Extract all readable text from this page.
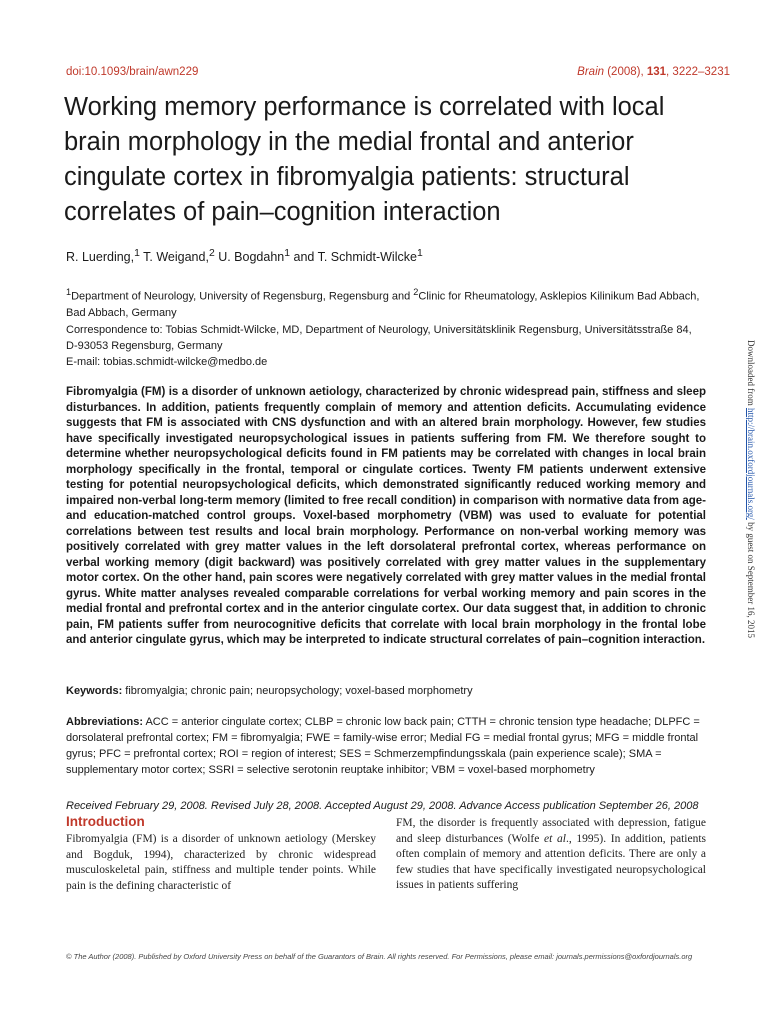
doi:10.1093/brain/awn229	Brain (2008), 131, 3222–3231
Working memory performance is correlated with local brain morphology in the medial frontal and anterior cingulate cortex in fibromyalgia patients: structural correlates of pain–cognition interaction
R. Luerding,$^1$ T. Weigand,$^2$ U. Bogdahn$^1$ and T. Schmidt-Wilcke$^1$
$^1$Department of Neurology, University of Regensburg, Regensburg and $^2$Clinic for Rheumatology, Asklepios Kilinikum Bad Abbach, Bad Abbach, Germany
Correspondence to: Tobias Schmidt-Wilcke, MD, Department of Neurology, Universitätsklinik Regensburg, Universitätsstraße 84, D-93053 Regensburg, Germany
E-mail: tobias.schmidt-wilcke@medbo.de

Fibromyalgia (FM) is a disorder of unknown aetiology, characterized by chronic widespread pain, stiffness and sleep disturbances. In addition, patients frequently complain of memory and attention deficits. Accumulating evidence suggests that FM is associated with CNS dysfunction and with an altered brain morphology. However, few studies have specifically investigated neuropsychological issues in patients suffering from FM. We therefore sought to determine whether neuropsychological deficits found in FM patients may be correlated with changes in local brain morphology specifically in the frontal, temporal or cingulate cortices. Twenty FM patients underwent extensive testing for potential neuropsychological deficits, which demonstrated significantly reduced working memory and impaired non-verbal long-term memory (limited to free recall condition) in comparison with normative data from age- and education-matched control groups. Voxel-based morphometry (VBM) was used to evaluate for potential correlations between test results and local brain morphology. Performance on non-verbal working memory was positively correlated with grey matter values in the left dorsolateral prefrontal cortex, whereas performance on verbal working memory (digit backward) was positively correlated with grey matter values in the supplementary motor cortex. On the other hand, pain scores were negatively correlated with grey matter values in the medial frontal gyrus. White matter analyses revealed comparable correlations for verbal working memory and pain scores in the medial frontal and prefrontal cortex and in the anterior cingulate cortex. Our data suggest that, in addition to chronic pain, FM patients suffer from neurocognitive deficits that correlate with local brain morphology in the frontal lobe and anterior cingulate gyrus, which may be interpreted to indicate structural correlates of pain–cognition interaction.

Keywords: fibromyalgia; chronic pain; neuropsychology; voxel-based morphometry
Abbreviations: ACC = anterior cingulate cortex; CLBP = chronic low back pain; CTTH = chronic tension type headache; DLPFC = dorsolateral prefrontal cortex; FM = fibromyalgia; FWE = family-wise error; Medial FG = medial frontal gyrus; MFG = middle frontal gyrus; PFC = prefrontal cortex; ROI = region of interest; SES = Schmerzempfindungsskala (pain experience scale); SMA = supplementary motor cortex; SSRI = selective serotonin reuptake inhibitor; VBM = voxel-based morphometry
Received February 29, 2008. Revised July 28, 2008. Accepted August 29, 2008. Advance Access publication September 26, 2008
Introduction
Fibromyalgia (FM) is a disorder of unknown aetiology (Merskey and Bogduk, 1994), characterized by chronic widespread musculoskeletal pain, stiffness and multiple tender points. While pain is the defining characteristic of
FM, the disorder is frequently associated with depression, fatigue and sleep disturbances (Wolfe et al., 1995). In addition, patients often complain of memory and attention deficits. There are only a few studies that have specifically investigated neuropsychological issues in patients suffering
© The Author (2008). Published by Oxford University Press on behalf of the Guarantors of Brain. All rights reserved. For Permissions, please email: journals.permissions@oxfordjournals.org
Downloaded from http://brain.oxfordjournals.org/ by guest on September 16, 2015
